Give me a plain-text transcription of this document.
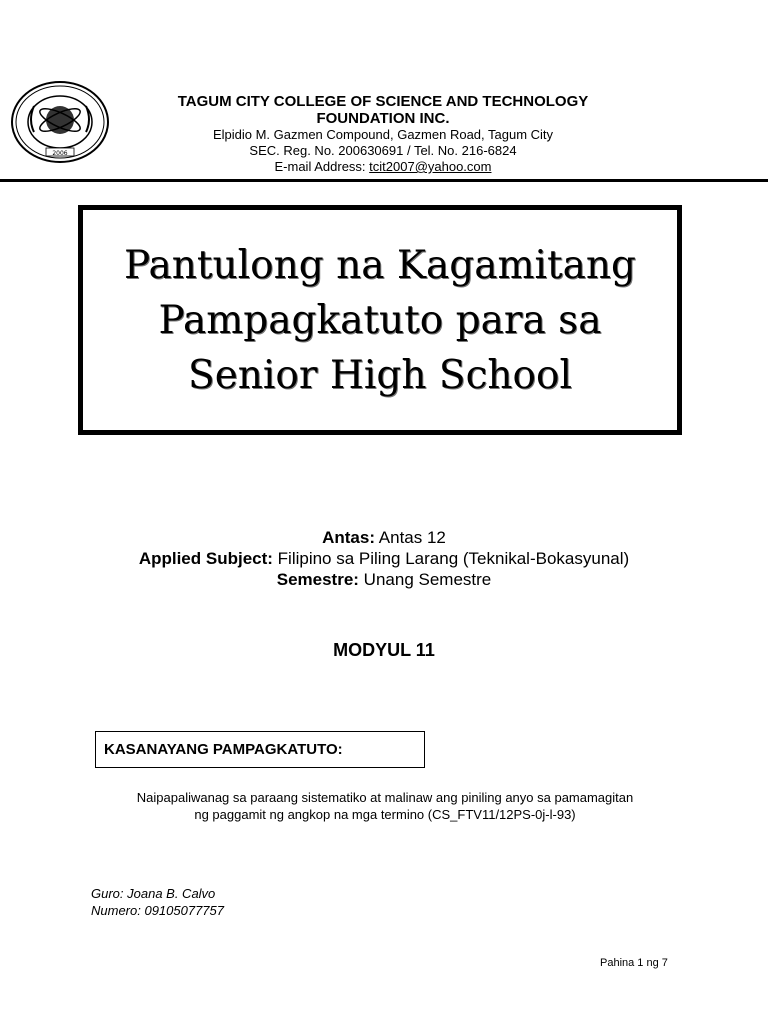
2006

TAGUM CITY COLLEGE OF SCIENCE AND TECHNOLOGY

FOUNDATION INC.

Elpidio M. Gazmen Compound, Gazmen Road, Tagum City

SEC. Reg. No. 200630691 / Tel. No. 216-6824

E-mail Address: tcit2007@yahoo.com

Pantulong na Kagamitang
Pampagkatuto para sa
Senior High School

Antas: Antas 12

Applied Subject: Filipino sa Piling Larang (Teknikal-Bokasyunal)

Semestre: Unang Semestre

MODYUL 11
KASANAYANG PAMPAGKATUTO:

Naipapaliwanag sa paraang sistematiko at malinaw ang piniling anyo sa pamamagitan
ng paggamit ng angkop na mga termino (CS_FTV11/12PS-0j-l-93)

Guro: Joana B. Calvo

Numero: 09105077757

Pahina 1 ng 7
